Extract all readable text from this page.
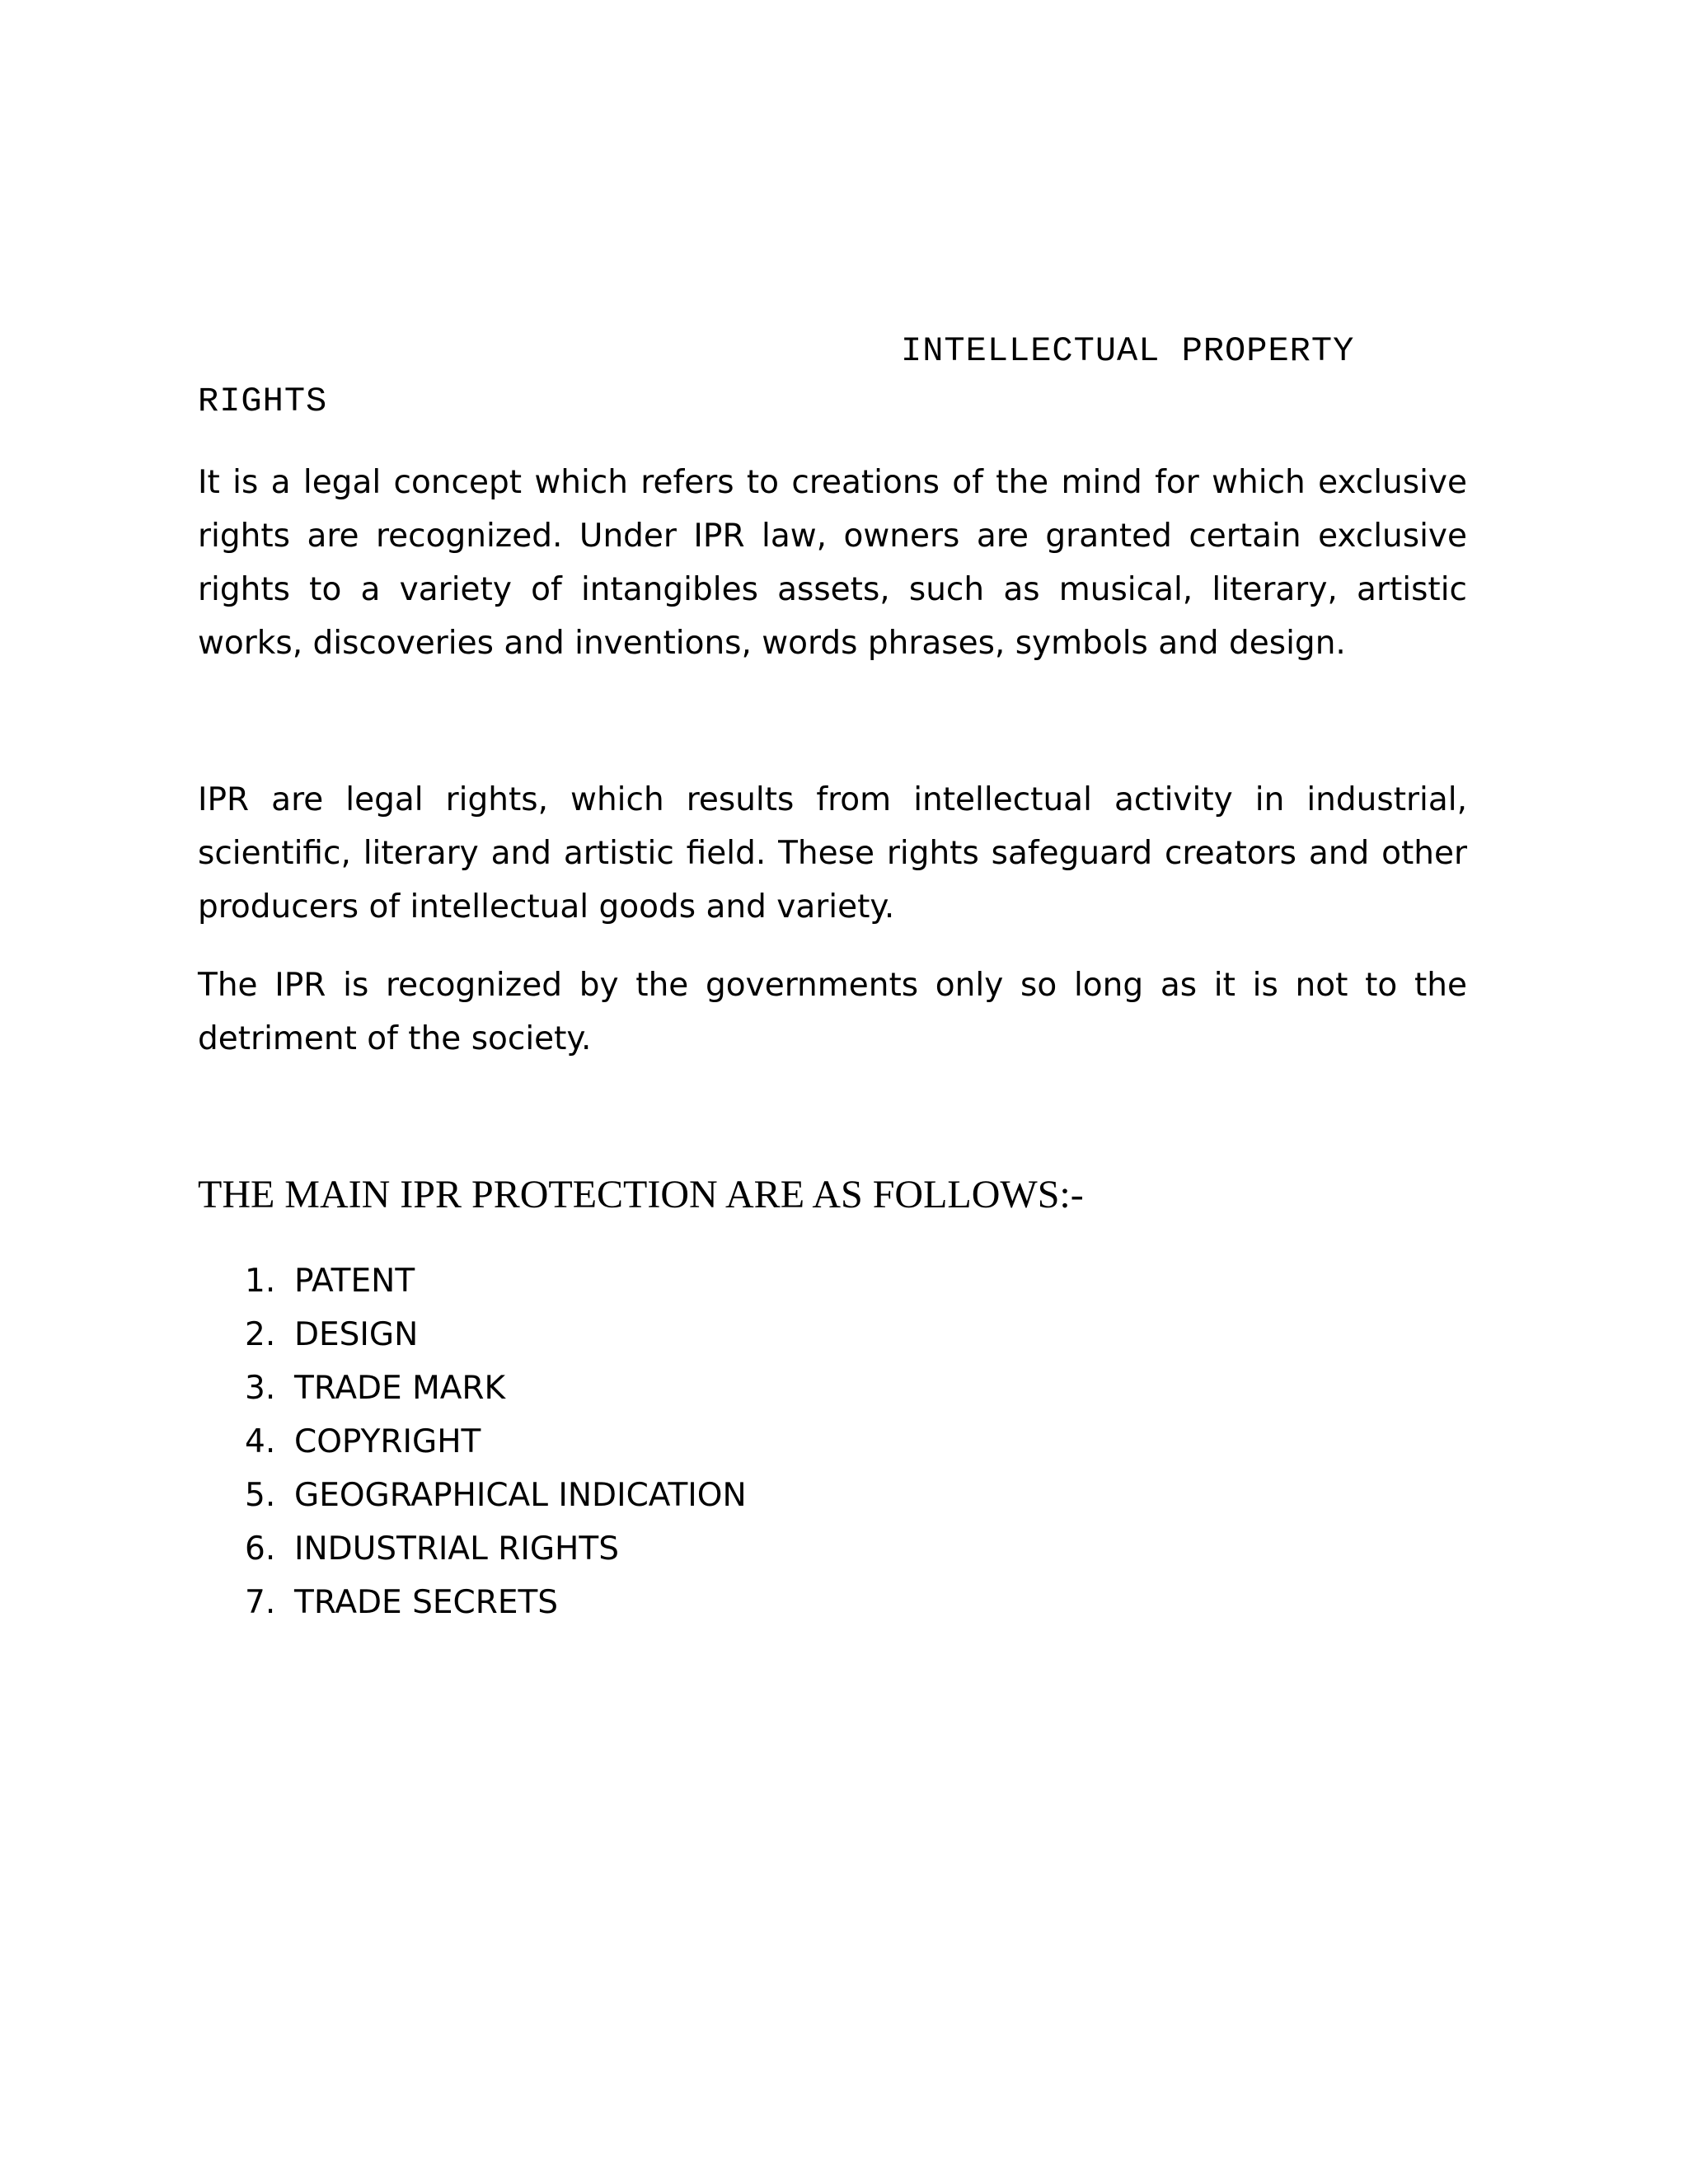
INTELLECTUAL PROPERTY
RIGHTS

It is a legal concept which refers to creations of the mind for which exclusive rights are recognized. Under IPR law, owners are granted certain exclusive rights to a variety of intangibles assets, such as musical, literary, artistic works, discoveries and inventions, words phrases, symbols and design.

IPR are legal rights, which results from intellectual activity in industrial, scientific, literary and artistic field. These rights safeguard creators and other producers of intellectual goods and variety.

The IPR is recognized by the governments only so long as it is not to the detriment of the society.

THE MAIN IPR PROTECTION ARE AS FOLLOWS:-
1. PATENT
2. DESIGN
3. TRADE MARK
4. COPYRIGHT
5. GEOGRAPHICAL INDICATION
6. INDUSTRIAL RIGHTS
7. TRADE SECRETS
